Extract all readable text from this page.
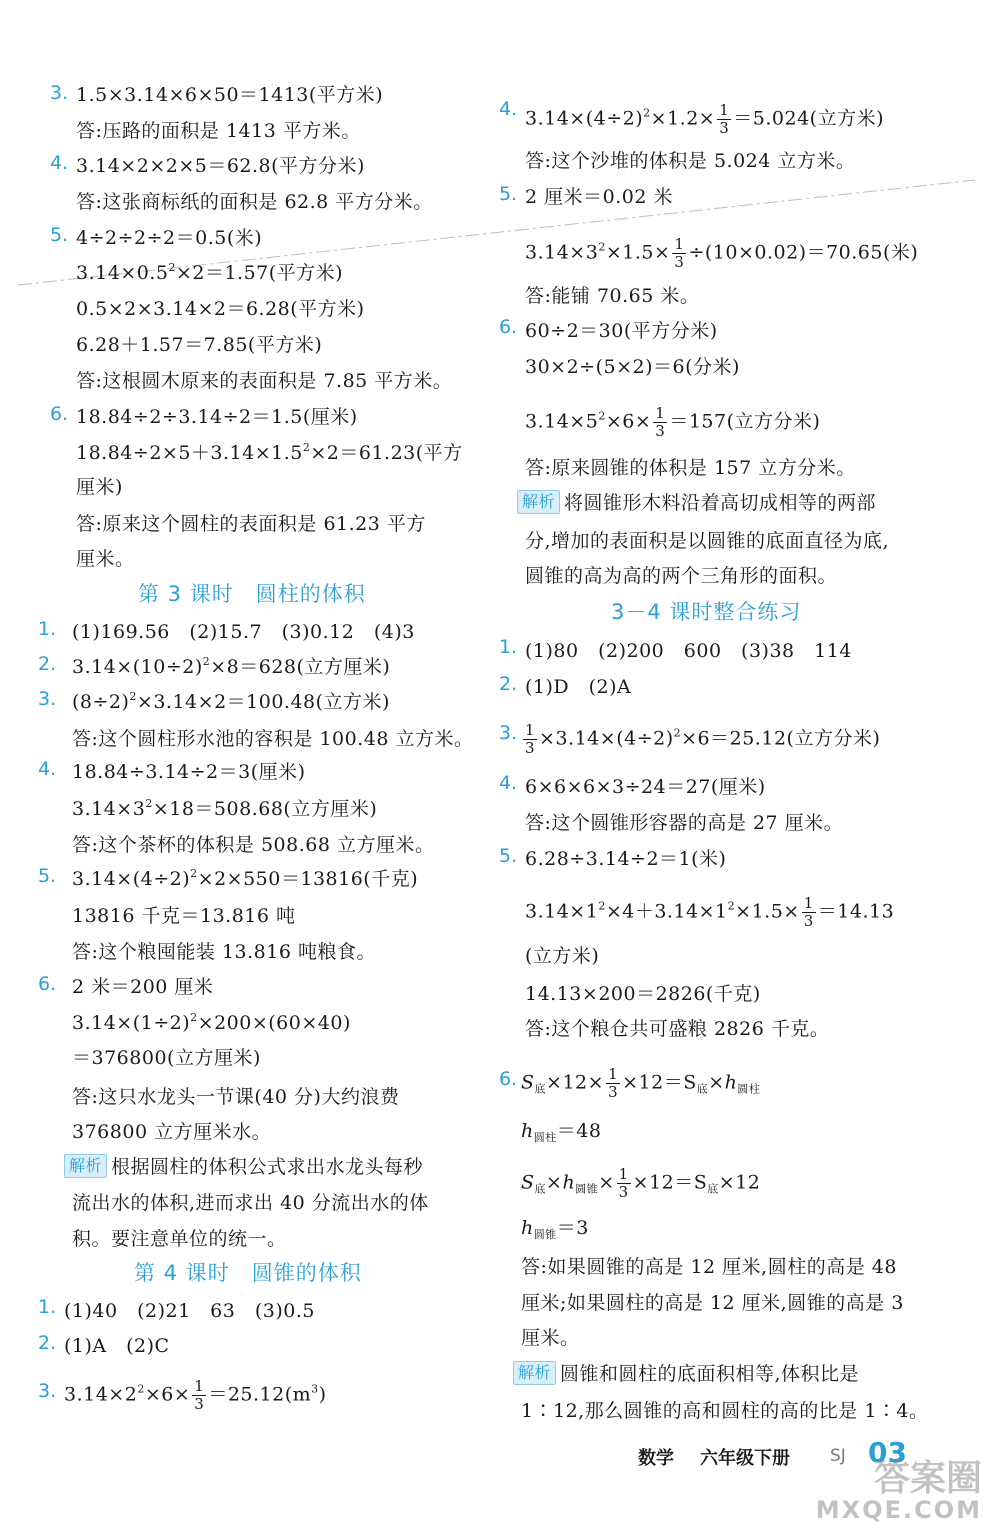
3. 1.5×3.14×6×50＝1413(平方米)
答:压路的面积是 1413 平方米。
4. 3.14×2×2×5＝62.8(平方分米)
答:这张商标纸的面积是 62.8 平方分米。
5. 4÷2÷2÷2＝0.5(米)
$3.14\times 0.5^2\times 2=1.57$(平方米)
0.5×2×3.14×2＝6.28(平方米)
6.28＋1.57＝7.85(平方米)
答:这根圆木原来的表面积是 7.85 平方米。
6. 18.84÷2÷3.14÷2＝1.5(厘米)
$18.84\div 2\times 5+3.14\times 1.5^2\times 2=61.23$(平方
厘米)
答:原来这个圆柱的表面积是 61.23 平方
厘米。
第 3 课时　圆柱的体积
1. (1)169.56　(2)15.7　(3)0.12　(4)3
2. $3.14\times(10\div 2)^2\times 8=628$(立方厘米)
3. $(8\div 2)^2\times 3.14\times 2=100.48$(立方米)
答:这个圆柱形水池的容积是 100.48 立方米。
4. 18.84÷3.14÷2＝3(厘米)
$3.14\times 3^2\times 18=508.68$(立方厘米)
答:这个茶杯的体积是 508.68 立方厘米。
5. $3.14\times(4\div 2)^2\times 2\times 550=13816$(千克)
13816 千克＝13.816 吨
答:这个粮囤能装 13.816 吨粮食。
6. 2 米＝200 厘米
$3.14\times(1\div 2)^2\times 200\times(60\times 40)$
＝376800(立方厘米)
答:这只水龙头一节课(40 分)大约浪费
376800 立方厘米水。
解析 根据圆柱的体积公式求出水龙头每秒
流出水的体积,进而求出 40 分流出水的体
积。要注意单位的统一。
第 4 课时　圆锥的体积
1. (1)40　(2)21　63　(3)0.5
2. (1)A　(2)C
3. $3.14\times 2^2\times 6\times \frac{1}{3} =25.12(m^3)$
4. $3.14\times(4\div 2)^2\times 1.2\times \frac{1}{3} =5.024$(立方米)
答:这个沙堆的体积是 5.024 立方米。
5. 2 厘米＝0.02 米
$3.14\times 3^2\times 1.5\times \frac{1}{3} \div(10\times 0.02)=70.65$(米)
答:能铺 70.65 米。
6. 60÷2＝30(平方分米)
30×2÷(5×2)＝6(分米)
$3.14\times 5^2\times 6\times \frac{1}{3} =157$(立方分米)
答:原来圆锥的体积是 157 立方分米。
解析 将圆锥形木料沿着高切成相等的两部
分,增加的表面积是以圆锥的底面直径为底,
圆锥的高为高的两个三角形的面积。
3－4 课时整合练习
1. (1)80　(2)200　600　(3)38　114
2. (1)D　(2)A
3. $\frac{1}{3} \times 3.14\times(4\div 2)^2\times 6=25.12$(立方分米)
4. 6×6×6×3÷24＝27(厘米)
答:这个圆锥形容器的高是 27 厘米。
5. 6.28÷3.14÷2＝1(米)
$3.14\times 1^2\times 4+3.14\times 1^2\times 1.5\times \frac{1}{3} =14.13$
(立方米)
14.13×200＝2826(千克)
答:这个粮仓共可盛粮 2826 千克。
6. $S_底\times 12\times \frac{1}{3} \times 12=S_底\times h_{圆柱}$
$h_{圆柱}=48$
$S_底\times h_{圆锥}\times \frac{1}{3} \times 12=S_底\times 12$
$h_{圆锥}=3$
答:如果圆锥的高是 12 厘米,圆柱的高是 48
厘米;如果圆柱的高是 12 厘米,圆锥的高是 3
厘米。
解析 圆锥和圆柱的底面积相等,体积比是
1∶12,那么圆锥的高和圆柱的高的比是 1∶4。
数学 六年级下册 SJ 03
答案圈
MXQE.COM
